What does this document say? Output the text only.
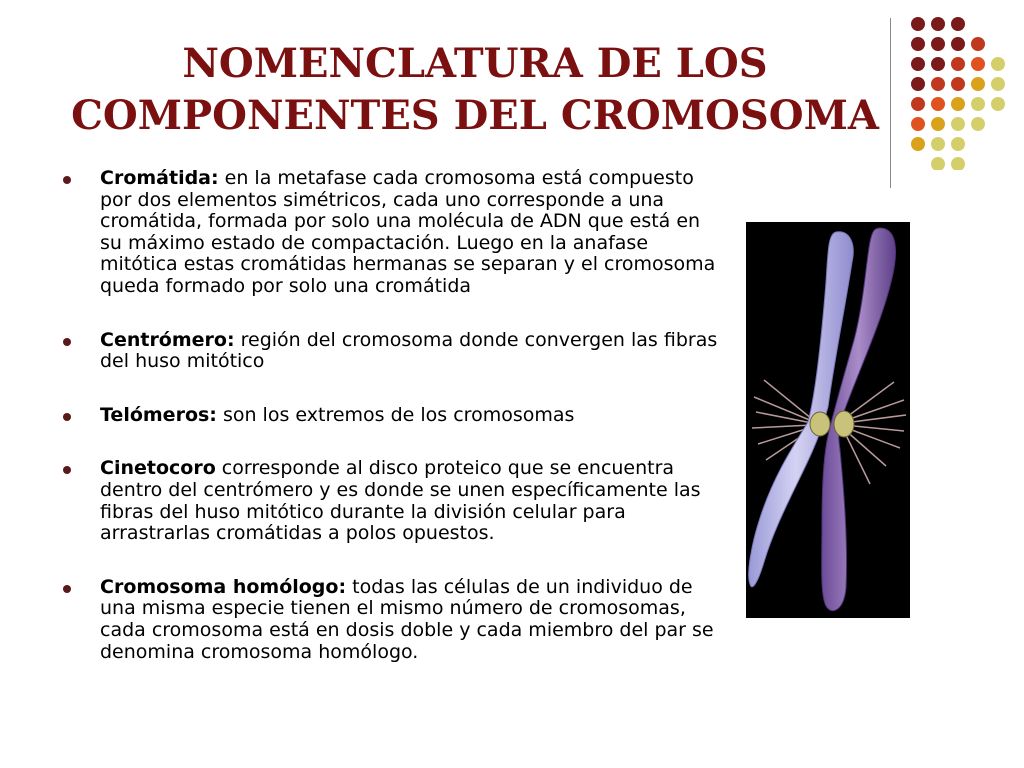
NOMENCLATURA DE LOS
COMPONENTES DEL CROMOSOMA
Cromátida: en la metafase cada cromosoma está compuesto por dos elementos simétricos, cada uno corresponde a una cromátida, formada por solo una molécula de ADN que está en su máximo estado de compactación. Luego en la anafase mitótica estas cromátidas hermanas se separan y el cromosoma queda formado por solo una cromátida
Centrómero: región del cromosoma donde convergen las fibras del huso mitótico
Telómeros: son los extremos de los cromosomas
Cinetocoro corresponde al disco proteico que se encuentra dentro del centrómero y es donde se unen específicamente las fibras del huso mitótico durante la división celular para arrastrarlas cromátidas a polos opuestos.
Cromosoma homólogo: todas las células de un individuo de una misma especie tienen el mismo número de cromosomas, cada cromosoma está en dosis doble y cada miembro del par se denomina cromosoma homólogo.
